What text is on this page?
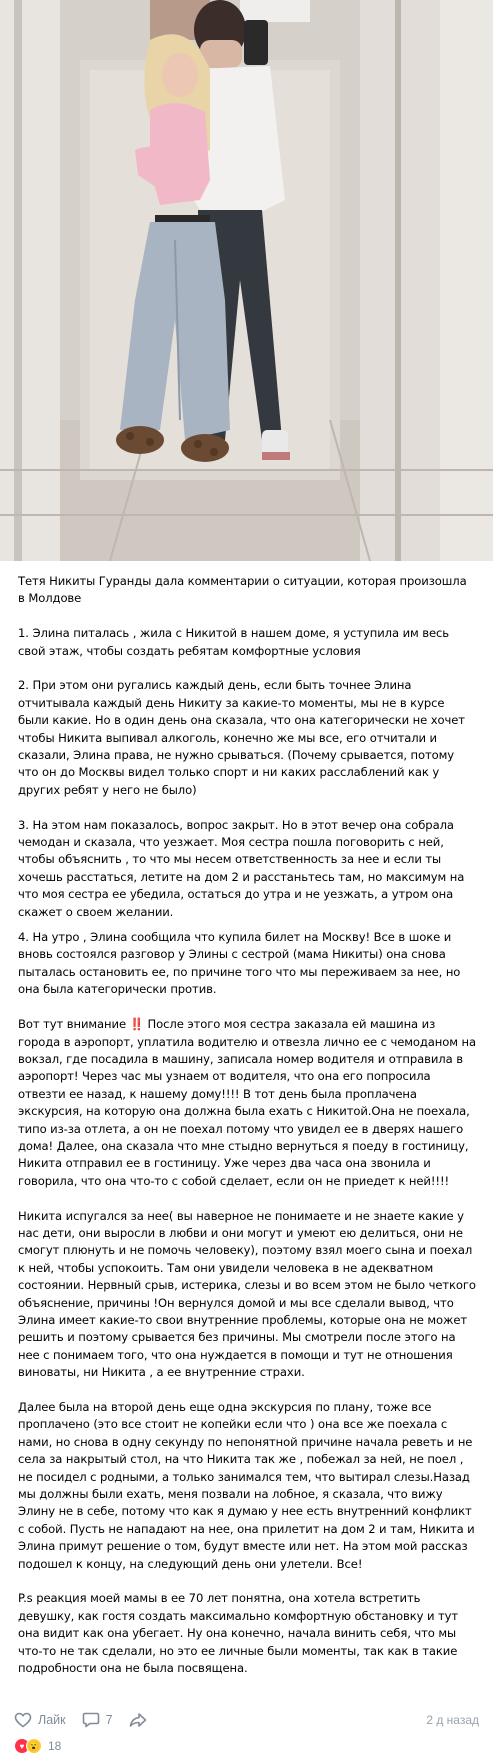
Тетя Никиты Гуранды дала комментарии о ситуации, которая произошла в Молдове

1. Элина питалась , жила с Никитой в нашем доме, я уступила им весь свой этаж, чтобы создать ребятам комфортные условия

2. При этом они ругались каждый день, если быть точнее Элина отчитывала каждый день Никиту за какие-то моменты, мы не в курсе были какие. Но в один день она сказала, что она категорически не хочет чтобы Никита выпивал алкоголь, конечно же мы все, его отчитали и сказали, Элина права, не нужно срываться. (Почему срывается, потому что он до Москвы видел только спорт и ни каких расслаблений как у других ребят у него не было)

3. На этом нам показалось, вопрос закрыт. Но в этот вечер она собрала чемодан и сказала, что уезжает. Моя сестра пошла поговорить с ней, чтобы объяснить , то что мы несем ответственность за нее и если ты хочешь расстаться, летите на дом 2 и расстаньтесь там, но максимум на что моя сестра ее убедила, остаться до утра и не уезжать, а утром она скажет о своем желании.

4. На утро , Элина сообщила что купила билет на Москву! Все в шоке и вновь состоялся разговор у Элины с сестрой (мама Никиты) она снова пыталась остановить ее, по причине того что мы переживаем за нее, но она была категорически против.

Вот тут внимание ‼️ После этого моя сестра заказала ей машина из города в аэропорт, уплатила водителю и отвезла лично ее с чемоданом на вокзал, где посадила в машину, записала номер водителя и отправила в аэропорт! Через час мы узнаем от водителя, что она его попросила отвезти ее назад, к нашему дому!!!! В тот день была проплачена экскурсия, на которую она должна была ехать с Никитой.Она не поехала, типо из-за отлета, а он не поехал потому что увидел ее в дверях нашего дома! Далее, она сказала что мне стыдно вернуться я поеду в гостиницу, Никита отправил ее в гостиницу. Уже через два часа она звонила и говорила, что она что-то с собой сделает, если он не приедет к ней!!!!

Никита испугался за нее( вы наверное не понимаете и не знаете какие у нас дети, они выросли в любви и они могут и умеют ею делиться, они не смогут плюнуть и не помочь человеку), поэтому взял моего сына и поехал к ней, чтобы успокоить. Там они увидели человека в не адекватном состоянии. Нервный срыв, истерика, слезы и во всем этом не было четкого объяснение, причины !Он вернулся домой и мы все сделали вывод, что Элина имеет какие-то свои внутренние проблемы, которые она не может решить и поэтому срывается без причины. Мы смотрели после этого на нее с понимаем того, что она нуждается в помощи и тут не отношения виноваты, ни Никита , а ее внутренние страхи.

Далее была на второй день еще одна экскурсия по плану, тоже все проплачено (это все стоит не копейки если что ) она все же поехала с нами, но снова в одну секунду по непонятной причине начала реветь и не села за накрытый стол, на что Никита так же , побежал за ней, не поел , не посидел с родными, а только занимался тем, что вытирал слезы.Назад мы должны были ехать, меня позвали на лобное, я сказала, что вижу Элину не в себе, потому что как я думаю у нее есть внутренний конфликт с собой. Пусть не нападают на нее, она прилетит на дом 2 и там, Никита и Элина примут решение о том, будут вместе или нет. На этом мой рассказ подошел к концу, на следующий день они улетели. Все!

P.s реакция моей мамы в ее 70 лет понятна, она хотела встретить девушку, как гостя создать максимально комфортную обстановку и тут она видит как она убегает. Ну она конечно, начала винить себя, что мы что-то не так сделали, но это ее личные были моменты, так как в такие подробности она не была посвящена.

Лайк	7	2 д назад
♥ 😮 18
